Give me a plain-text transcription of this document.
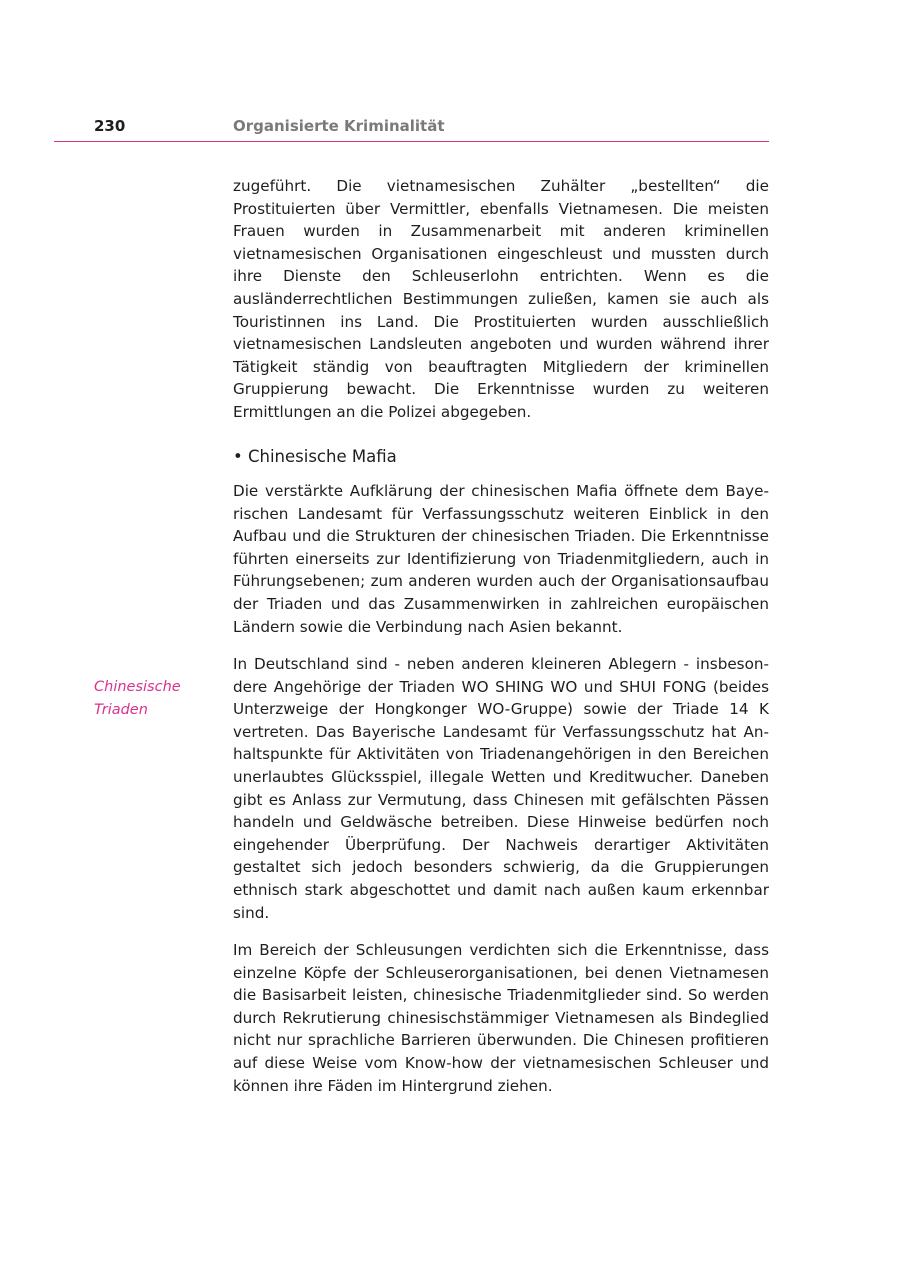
230	Organisierte Kriminalität

zugeführt. Die vietnamesischen Zuhälter „bestellten“ die Prostituierten über Vermittler, ebenfalls Vietnamesen. Die meisten Frauen wurden in Zusammenarbeit mit anderen kriminellen vietnamesischen Organisationen eingeschleust und mussten durch ihre Dienste den Schleuserlohn entrichten. Wenn es die ausländerrechtlichen Bestimmungen zuließen, kamen sie auch als Touristinnen ins Land. Die Prostituierten wurden ausschließlich vietnamesischen Landsleuten angeboten und wurden während ihrer Tätigkeit ständig von beauftragten Mitgliedern der kriminellen Gruppierung bewacht. Die Erkenntnisse wurden zu weiteren Ermittlungen an die Polizei abgegeben.

• Chinesische Mafia

Die verstärkte Aufklärung der chinesischen Mafia öffnete dem Bayerischen Landesamt für Verfassungsschutz weiteren Einblick in den Aufbau und die Strukturen der chinesischen Triaden. Die Erkenntnisse führten einerseits zur Identifizierung von Triadenmitgliedern, auch in Führungsebenen; zum anderen wurden auch der Organisationsaufbau der Triaden und das Zusammenwirken in zahlreichen europäischen Ländern sowie die Verbindung nach Asien bekannt.

Chinesische
Triaden

In Deutschland sind - neben anderen kleineren Ablegern - insbesondere Angehörige der Triaden WO SHING WO und SHUI FONG (beides Unterzweige der Hongkonger WO-Gruppe) sowie der Triade 14 K vertreten. Das Bayerische Landesamt für Verfassungsschutz hat Anhaltspunkte für Aktivitäten von Triadenangehörigen in den Bereichen unerlaubtes Glücksspiel, illegale Wetten und Kreditwucher. Daneben gibt es Anlass zur Vermutung, dass Chinesen mit gefälschten Pässen handeln und Geldwäsche betreiben. Diese Hinweise bedürfen noch eingehender Überprüfung. Der Nachweis derartiger Aktivitäten gestaltet sich jedoch besonders schwierig, da die Gruppierungen ethnisch stark abgeschottet und damit nach außen kaum erkennbar sind.

Im Bereich der Schleusungen verdichten sich die Erkenntnisse, dass einzelne Köpfe der Schleuserorganisationen, bei denen Vietnamesen die Basisarbeit leisten, chinesische Triadenmitglieder sind. So werden durch Rekrutierung chinesischstämmiger Vietnamesen als Bindeglied nicht nur sprachliche Barrieren überwunden. Die Chinesen profitieren auf diese Weise vom Know-how der vietnamesischen Schleuser und können ihre Fäden im Hintergrund ziehen.
